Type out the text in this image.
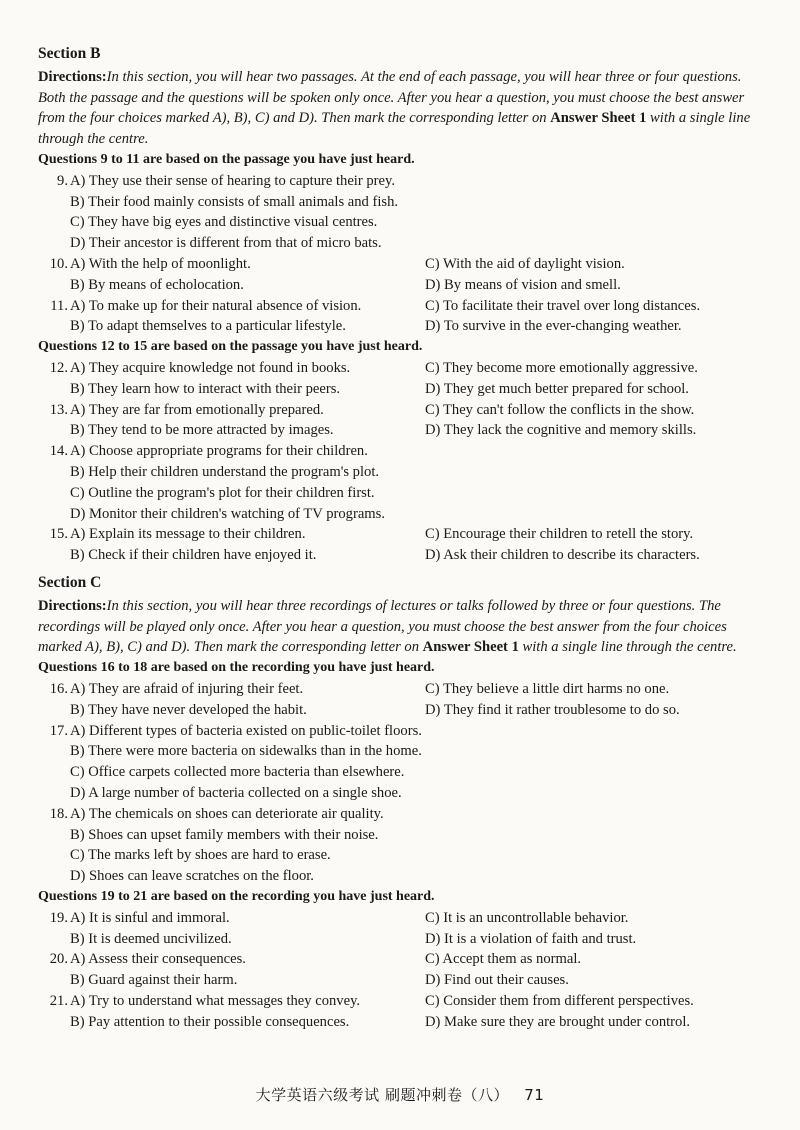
Section B

Directions:In this section, you will hear two passages. At the end of each passage, you will hear three or four questions. Both the passage and the questions will be spoken only once. After you hear a question, you must choose the best answer from the four choices marked A), B), C) and D). Then mark the corresponding letter on Answer Sheet 1 with a single line through the centre.

Questions 9 to 11 are based on the passage you have just heard.
9. A) They use their sense of hearing to capture their prey.
B) Their food mainly consists of small animals and fish.
C) They have big eyes and distinctive visual centres.
D) Their ancestor is different from that of micro bats.
10. A) With the help of moonlight.	C) With the aid of daylight vision.
B) By means of echolocation.	D) By means of vision and smell.
11. A) To make up for their natural absence of vision.	C) To facilitate their travel over long distances.
B) To adapt themselves to a particular lifestyle.	D) To survive in the ever-changing weather.
Questions 12 to 15 are based on the passage you have just heard.
12. A) They acquire knowledge not found in books.	C) They become more emotionally aggressive.
B) They learn how to interact with their peers.	D) They get much better prepared for school.
13. A) They are far from emotionally prepared.	C) They can't follow the conflicts in the show.
B) They tend to be more attracted by images.	D) They lack the cognitive and memory skills.
14. A) Choose appropriate programs for their children.
B) Help their children understand the program's plot.
C) Outline the program's plot for their children first.
D) Monitor their children's watching of TV programs.
15. A) Explain its message to their children.	C) Encourage their children to retell the story.
B) Check if their children have enjoyed it.	D) Ask their children to describe its characters.
Section C

Directions:In this section, you will hear three recordings of lectures or talks followed by three or four questions. The recordings will be played only once. After you hear a question, you must choose the best answer from the four choices marked A), B), C) and D). Then mark the corresponding letter on Answer Sheet 1 with a single line through the centre.

Questions 16 to 18 are based on the recording you have just heard.
16. A) They are afraid of injuring their feet.	C) They believe a little dirt harms no one.
B) They have never developed the habit.	D) They find it rather troublesome to do so.
17. A) Different types of bacteria existed on public-toilet floors.
B) There were more bacteria on sidewalks than in the home.
C) Office carpets collected more bacteria than elsewhere.
D) A large number of bacteria collected on a single shoe.
18. A) The chemicals on shoes can deteriorate air quality.
B) Shoes can upset family members with their noise.
C) The marks left by shoes are hard to erase.
D) Shoes can leave scratches on the floor.
Questions 19 to 21 are based on the recording you have just heard.
19. A) It is sinful and immoral.	C) It is an uncontrollable behavior.
B) It is deemed uncivilized.	D) It is a violation of faith and trust.
20. A) Assess their consequences.	C) Accept them as normal.
B) Guard against their harm.	D) Find out their causes.
21. A) Try to understand what messages they convey.	C) Consider them from different perspectives.
B) Pay attention to their possible consequences.	D) Make sure they are brought under control.
大学英语六级考试 刷题冲刺卷（八） 71
